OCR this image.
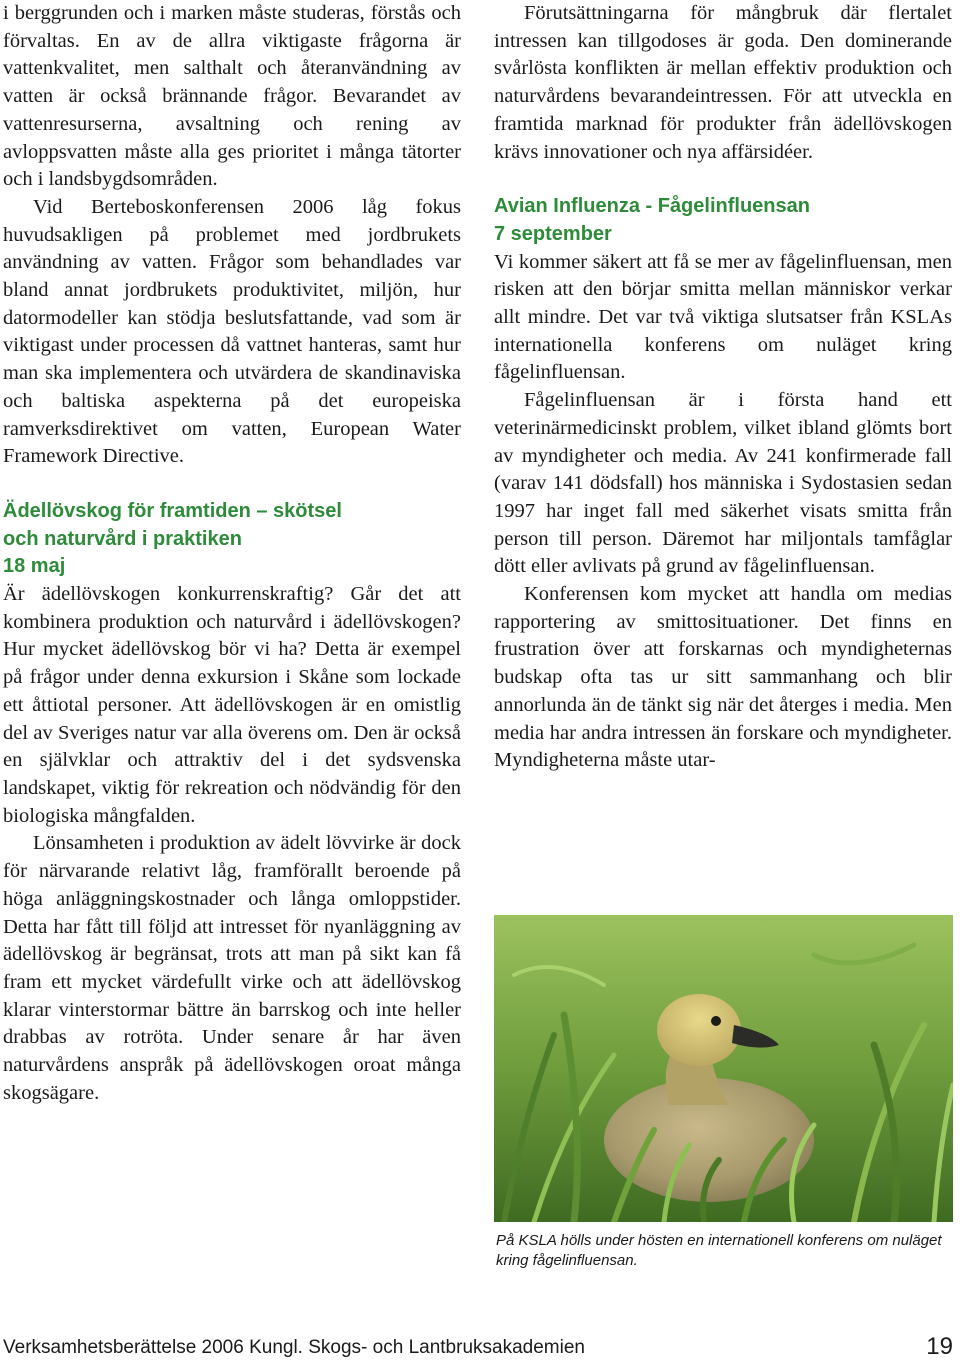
i berggrunden och i marken måste studeras, förstås och förvaltas. En av de allra viktigaste frågorna är vattenkvalitet, men salthalt och återanvändning av vatten är också brännande frågor. Bevarandet av vattenresurserna, avsaltning och rening av avloppsvatten måste alla ges prioritet i många tätorter och i landsbygdsområden.

Vid Berteboskonferensen 2006 låg fokus huvudsakligen på problemet med jordbrukets användning av vatten. Frågor som behandlades var bland annat jordbrukets produktivitet, miljön, hur datormodeller kan stödja beslutsfattande, vad som är viktigast under processen då vattnet hanteras, samt hur man ska implementera och utvärdera de skandinaviska och baltiska aspekterna på det europeiska ramverksdirektivet om vatten, European Water Framework Directive.

Ädellövskog för framtiden – skötsel
och naturvård i praktiken
18 maj

Är ädellövskogen konkurrenskraftig? Går det att kombinera produktion och naturvård i ädellövskogen? Hur mycket ädellövskog bör vi ha? Detta är exempel på frågor under denna exkursion i Skåne som lockade ett åttiotal personer. Att ädellövskogen är en omistlig del av Sveriges natur var alla överens om. Den är också en självklar och attraktiv del i det sydsvenska landskapet, viktig för rekreation och nödvändig för den biologiska mångfalden.

Lönsamheten i produktion av ädelt lövvirke är dock för närvarande relativt låg, framförallt beroende på höga anläggningskostnader och långa omloppstider. Detta har fått till följd att intresset för nyanläggning av ädellövskog är begränsat, trots att man på sikt kan få fram ett mycket värdefullt virke och att ädellövskog klarar vinterstormar bättre än barrskog och inte heller drabbas av rotröta. Under senare år har även naturvårdens anspråk på ädellövskogen oroat många skogsägare.

Förutsättningarna för mångbruk där flertalet intressen kan tillgodoses är goda. Den dominerande svårlösta konflikten är mellan effektiv produktion och naturvårdens bevarandeintressen. För att utveckla en framtida marknad för produkter från ädellövskogen krävs innovationer och nya affärsidéer.

Avian Influenza - Fågelinfluensan
7 september

Vi kommer säkert att få se mer av fågelinfluensan, men risken att den börjar smitta mellan människor verkar allt mindre. Det var två viktiga slutsatser från KSLAs internationella konferens om nuläget kring fågelinfluensan.

Fågelinfluensan är i första hand ett veterinärmedicinskt problem, vilket ibland glömts bort av myndigheter och media. Av 241 konfirmerade fall (varav 141 dödsfall) hos människa i Sydostasien sedan 1997 har inget fall med säkerhet visats smitta från person till person. Däremot har miljontals tamfåglar dött eller avlivats på grund av fågelinfluensan.

Konferensen kom mycket att handla om medias rapportering av smittosituationer. Det finns en frustration över att forskarnas och myndigheternas budskap ofta tas ur sitt sammanhang och blir annorlunda än de tänkt sig när det återges i media. Men media har andra intressen än forskare och myndigheter. Myndigheterna måste utar-

På KSLA hölls under hösten en internationell konferens om nuläget kring fågelinfluensan.
Verksamhetsberättelse 2006 Kungl. Skogs- och Lantbruksakademien	19
